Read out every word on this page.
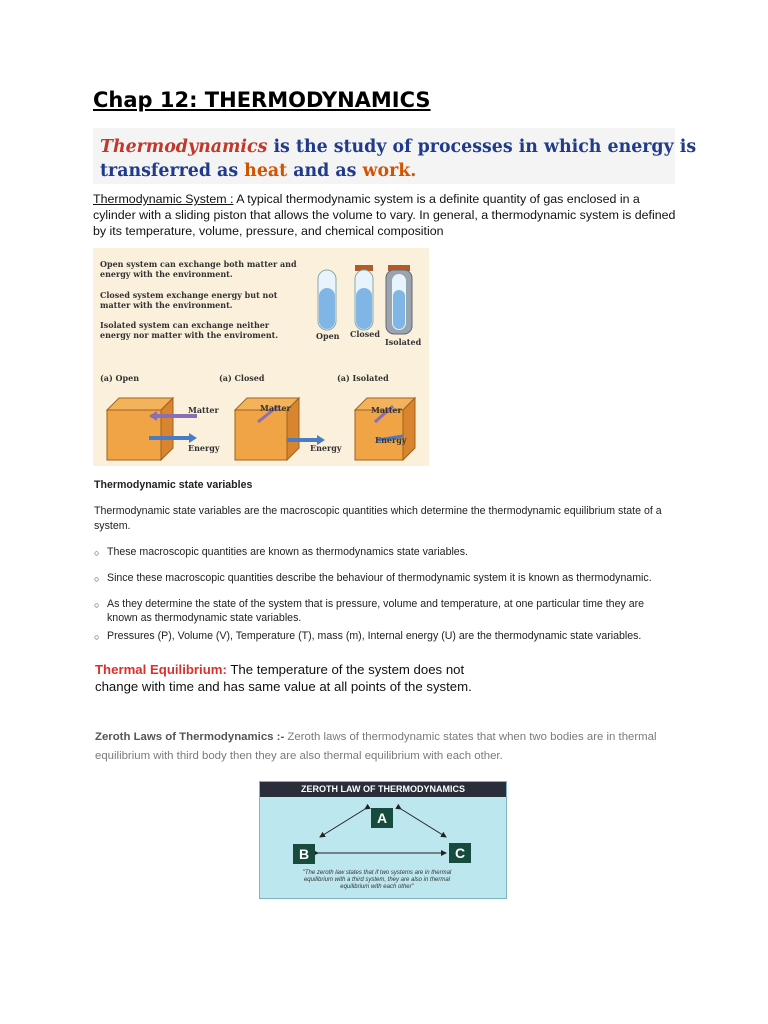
Chap 12: THERMODYNAMICS
Thermodynamics is the study of processes in which energy is
transferred as heat and as work.
Thermodynamic System : A typical thermodynamic system is a definite quantity of gas enclosed in a cylinder with a sliding piston that allows the volume to vary. In general, a thermodynamic system is defined by its temperature, volume, pressure, and chemical composition
Open system can exchange both matter and energy with the environment.
Closed system exchange energy but not matter with the environment.
Isolated system can exchange neither energy nor matter with the enviroment.	Open Closed
Isolated
(a) Open	(a) Closed	(a) Isolated
Matter
Energy
Matter
Energy
Matter
Energy
Thermodynamic state variables
Thermodynamic state variables are the macroscopic quantities which determine the thermodynamic equilibrium state of a system.
○ These macroscopic quantities are known as thermodynamics state variables.
○ Since these macroscopic quantities describe the behaviour of thermodynamic system it is known as thermodynamic.
○ As they determine the state of the system that is pressure, volume and temperature, at one particular time they are known as thermodynamic state variables.
○ Pressures (P), Volume (V), Temperature (T), mass (m), Internal energy (U) are the thermodynamic state variables.
Thermal Equilibrium: The temperature of the system does not change with time and has same value at all points of the system.
Zeroth Laws of Thermodynamics :- Zeroth laws of thermodynamic states that when two bodies are in thermal equilibrium with third body then they are also thermal equilibrium with each other.
ZEROTH LAW OF THERMODYNAMICS
A
B	C
"The zeroth law states that if two systems are in thermal equilibrium with a third system, they are also in thermal equilibrium with each other"
